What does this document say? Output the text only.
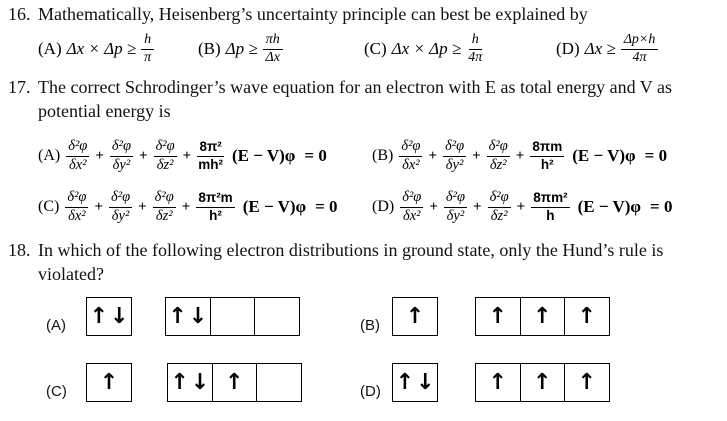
16. Mathematically, Heisenberg’s uncertainty principle can best be explained by
(A) $\Delta x \times \Delta p \ge \frac{h}{\pi}$	(B) $\Delta p \ge \frac{\pi h}{\Delta x}$	(C) $\Delta x \times \Delta p \ge \frac{h}{4\pi}$	(D) $\Delta x \ge \frac{\Delta p\times h}{4\pi}$
17. The correct Schrodinger’s wave equation for an electron with E as total energy and V as
potential energy is
$(A) \frac{\text{δ²φ}}{\text{δx²}} + \frac{\text{δ²φ}}{\text{δy²}} + \frac{\text{δ²φ}}{\text{δz²}} + \frac{\text{8π²}}{\text{mh²}} (E - V)\varphi = 0$	$(B) \frac{\text{δ²φ}}{\text{δx²}} + \frac{\text{δ²φ}}{\text{δy²}} + \frac{\text{δ²φ}}{\text{δz²}} + \frac{8\pi m}{\text{h²}} (E - V)\varphi = 0$
$(C) \frac{\text{δ²φ}}{\text{δx²}} + \frac{\text{δ²φ}}{\text{δy²}} + \frac{\text{δ²φ}}{\text{δz²}} + \frac{\text{8π²m}}{\text{h²}} (E - V)\varphi = 0$ $(D) \frac{\text{δ²φ}}{\text{δx²}} + \frac{\text{δ²φ}}{\text{δy²}} + \frac{\text{δ²φ}}{\text{δz²}} + \frac{\text{8πm²}}{h} (E - V)\varphi = 0$
18. In which of the following electron distributions in ground state, only the Hund’s rule is
violated?
(A) ↑↓ ↑↓	(B) ↑	↑ ↑ ↑
(C) ↑ ↑↓ ↑	(D) ↑↓ ↑ ↑ ↑
